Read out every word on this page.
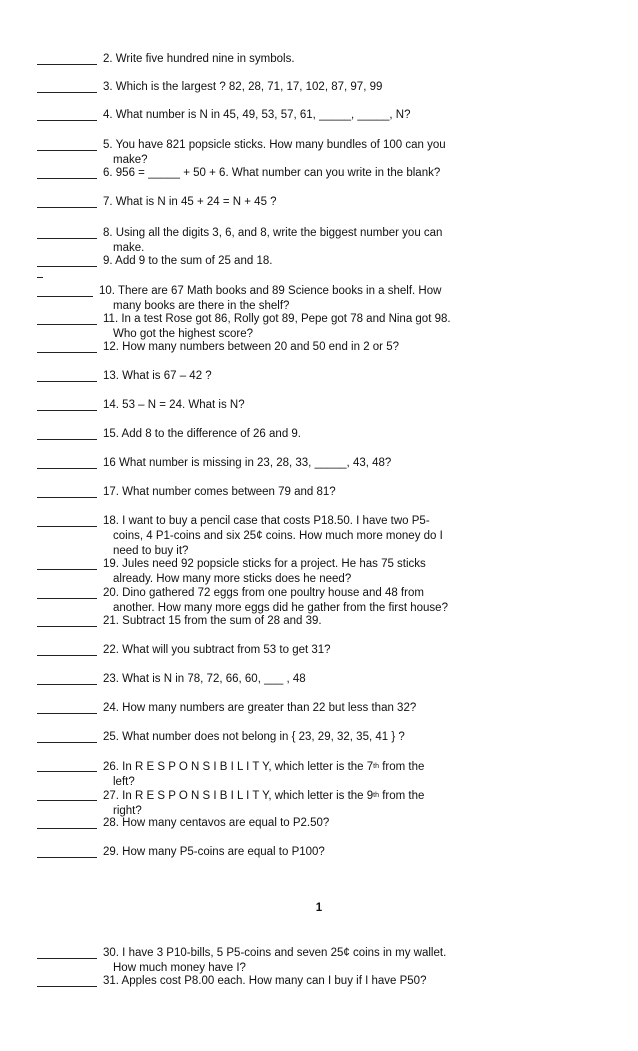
2. Write five hundred nine in symbols.
3. Which is the largest ? 82, 28, 71, 17, 102, 87, 97, 99
4. What number is N in 45, 49, 53, 57, 61, _____, _____, N?
5. You have 821 popsicle sticks. How many bundles of 100 can you
make?
6. 956 = _____ + 50 + 6. What number can you write in the blank?
7. What is N in 45 + 24 = N + 45 ?
8. Using all the digits 3, 6, and 8, write the biggest number you can
make.
9. Add 9 to the sum of 25 and 18.
10. There are 67 Math books and 89 Science books in a shelf. How
many books are there in the shelf?
11. In a test Rose got 86, Rolly got 89, Pepe got 78 and Nina got 98.
Who got the highest score?
12. How many numbers between 20 and 50 end in 2 or 5?
13. What is 67 – 42 ?
14. 53 – N = 24. What is N?
15. Add 8 to the difference of 26 and 9.
16 What number is missing in 23, 28, 33, _____, 43, 48?
17. What number comes between 79 and 81?
18. I want to buy a pencil case that costs P18.50. I have two P5-
coins, 4 P1-coins and six 25¢ coins. How much more money do I
need to buy it?
19. Jules need 92 popsicle sticks for a project. He has 75 sticks
already. How many more sticks does he need?
20. Dino gathered 72 eggs from one poultry house and 48 from
another. How many more eggs did he gather from the first house?
21. Subtract 15 from the sum of 28 and 39.
22. What will you subtract from 53 to get 31?
23. What is N in 78, 72, 66, 60, ___ , 48
24. How many numbers are greater than 22 but less than 32?
25. What number does not belong in { 23, 29, 32, 35, 41 } ?
26. In R E S P O N S I B I L I T Y, which letter is the 7th from the
left?
27. In R E S P O N S I B I L I T Y, which letter is the 9th from the
right?
28. How many centavos are equal to P2.50?
29. How many P5-coins are equal to P100?
1
30. I have 3 P10-bills, 5 P5-coins and seven 25¢ coins in my wallet.
How much money have I?
31. Apples cost P8.00 each. How many can I buy if I have P50?
